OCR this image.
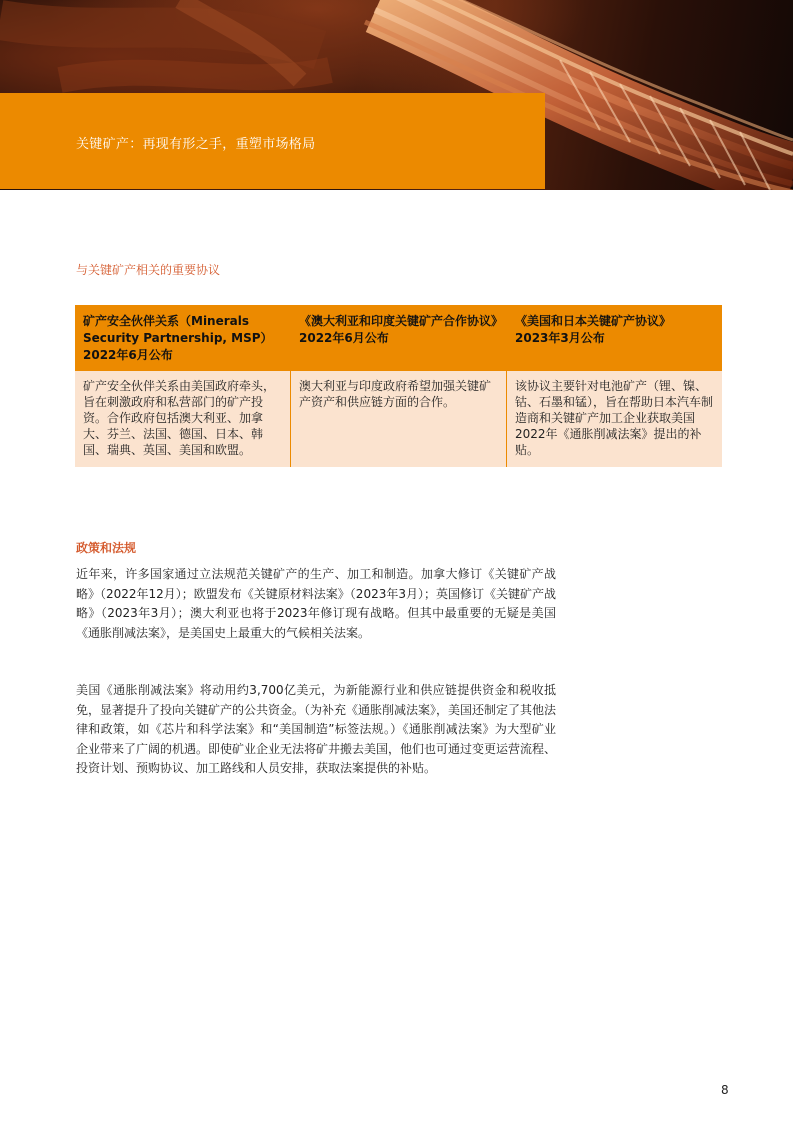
关键矿产：再现有形之手，重塑市场格局
与关键矿产相关的重要协议
矿产安全伙伴关系（Minerals Security Partnership, MSP）
2022年6月公布
《澳大利亚和印度关键矿产合作协议》
2022年6月公布
《美国和日本关键矿产协议》
2023年3月公布
矿产安全伙伴关系由美国政府牵头，旨在刺激政府和私营部门的矿产投资。合作政府包括澳大利亚、加拿大、芬兰、法国、德国、日本、韩国、瑞典、英国、美国和欧盟。
澳大利亚与印度政府希望加强关键矿产资产和供应链方面的合作。
该协议主要针对电池矿产（锂、镍、钴、石墨和锰），旨在帮助日本汽车制造商和关键矿产加工企业获取美国2022年《通胀削减法案》提出的补贴。
政策和法规
近年来，许多国家通过立法规范关键矿产的生产、加工和制造。加拿大修订《关键矿产战略》（2022年12月）；欧盟发布《关键原材料法案》（2023年3月）；英国修订《关键矿产战略》（2023年3月）；澳大利亚也将于2023年修订现有战略。但其中最重要的无疑是美国《通胀削减法案》，是美国史上最重大的气候相关法案。
美国《通胀削减法案》将动用约3,700亿美元，为新能源行业和供应链提供资金和税收抵免，显著提升了投向关键矿产的公共资金。（为补充《通胀削减法案》，美国还制定了其他法律和政策，如《芯片和科学法案》和“美国制造”标签法规。）《通胀削减法案》为大型矿业企业带来了广阔的机遇。即使矿业企业无法将矿井搬去美国，他们也可通过变更运营流程、投资计划、预购协议、加工路线和人员安排，获取法案提供的补贴。
8
